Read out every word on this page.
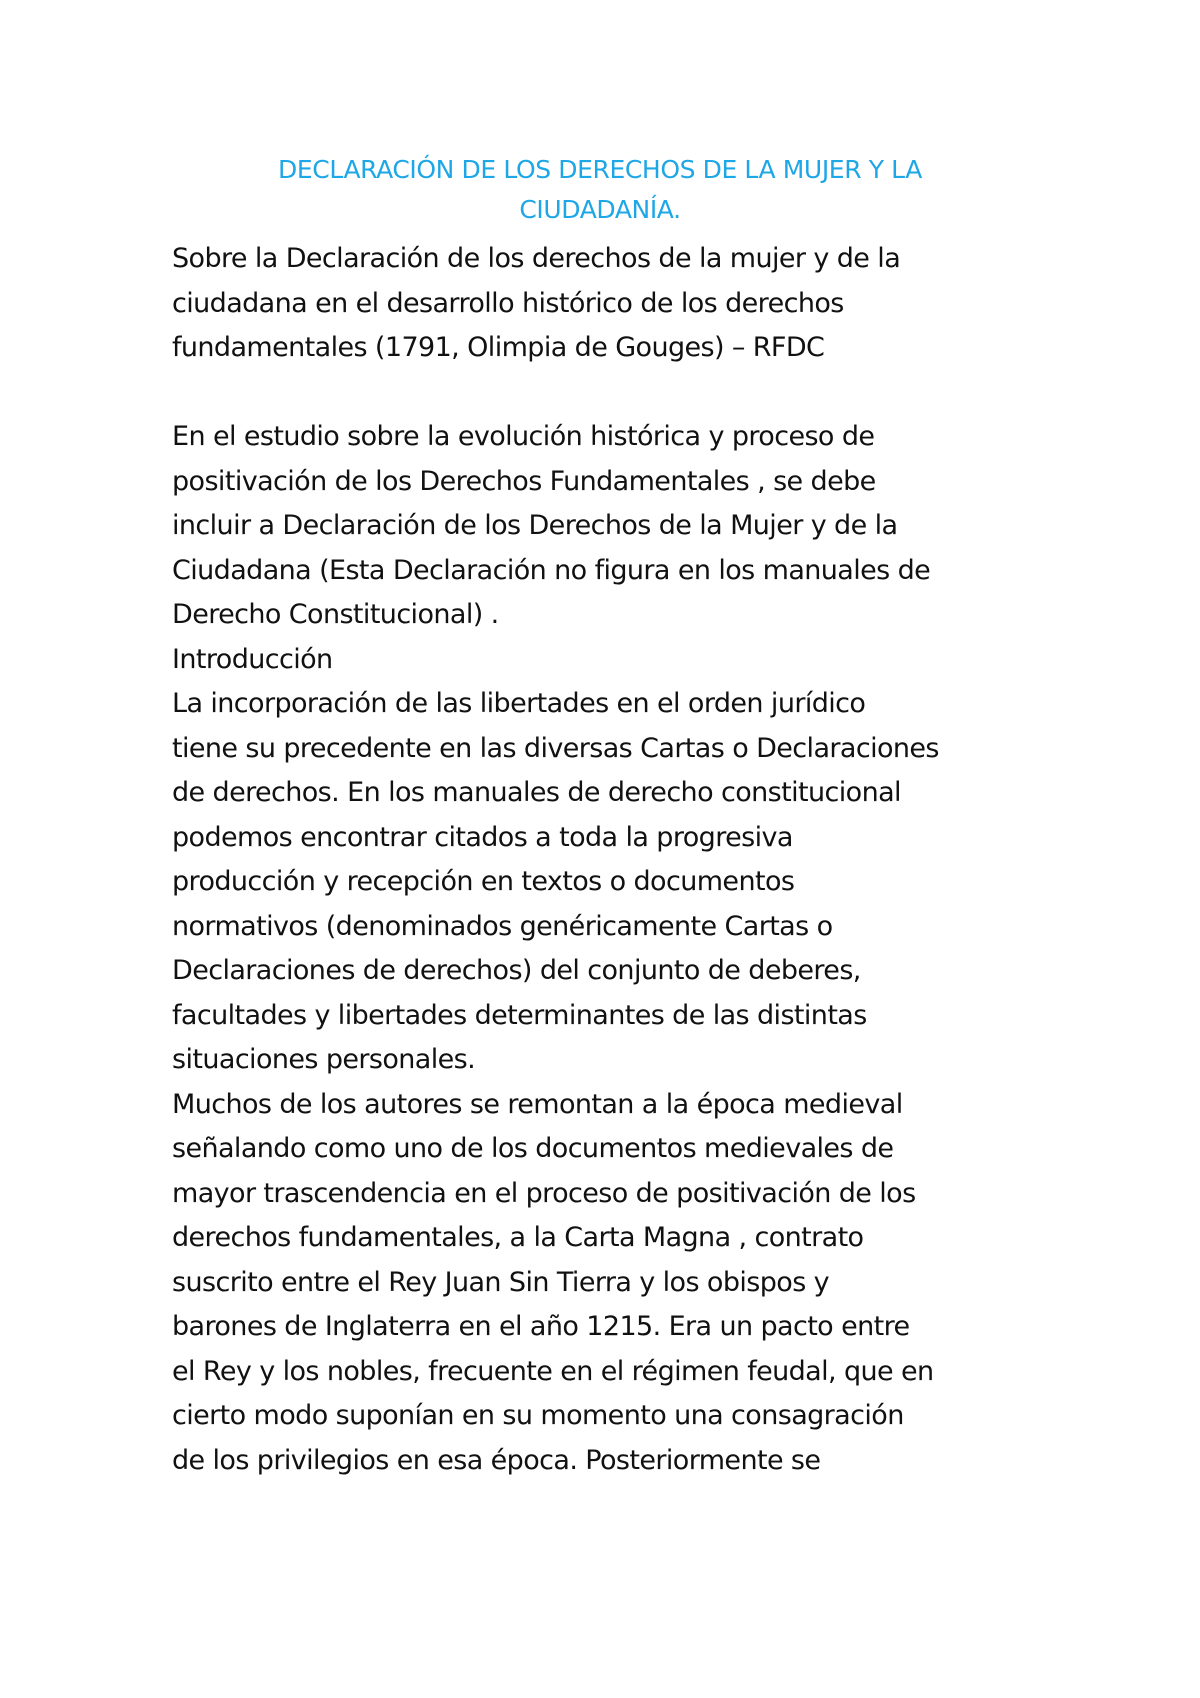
DECLARACIÓN DE LOS DERECHOS DE LA MUJER Y LA
CIUDADANÍA.
Sobre la Declaración de los derechos de la mujer y de la
ciudadana en el desarrollo histórico de los derechos
fundamentales (1791, Olimpia de Gouges) – RFDC
En el estudio sobre la evolución histórica y proceso de
positivación de los Derechos Fundamentales , se debe
incluir a Declaración de los Derechos de la Mujer y de la
Ciudadana (Esta Declaración no figura en los manuales de
Derecho Constitucional) .
Introducción
La incorporación de las libertades en el orden jurídico
tiene su precedente en las diversas Cartas o Declaraciones
de derechos. En los manuales de derecho constitucional
podemos encontrar citados a toda la progresiva
producción y recepción en textos o documentos
normativos (denominados genéricamente Cartas o
Declaraciones de derechos) del conjunto de deberes,
facultades y libertades determinantes de las distintas
situaciones personales.
Muchos de los autores se remontan a la época medieval
señalando como uno de los documentos medievales de
mayor trascendencia en el proceso de positivación de los
derechos fundamentales, a la Carta Magna , contrato
suscrito entre el Rey Juan Sin Tierra y los obispos y
barones de Inglaterra en el año 1215. Era un pacto entre
el Rey y los nobles, frecuente en el régimen feudal, que en
cierto modo suponían en su momento una consagración
de los privilegios en esa época. Posteriormente se
